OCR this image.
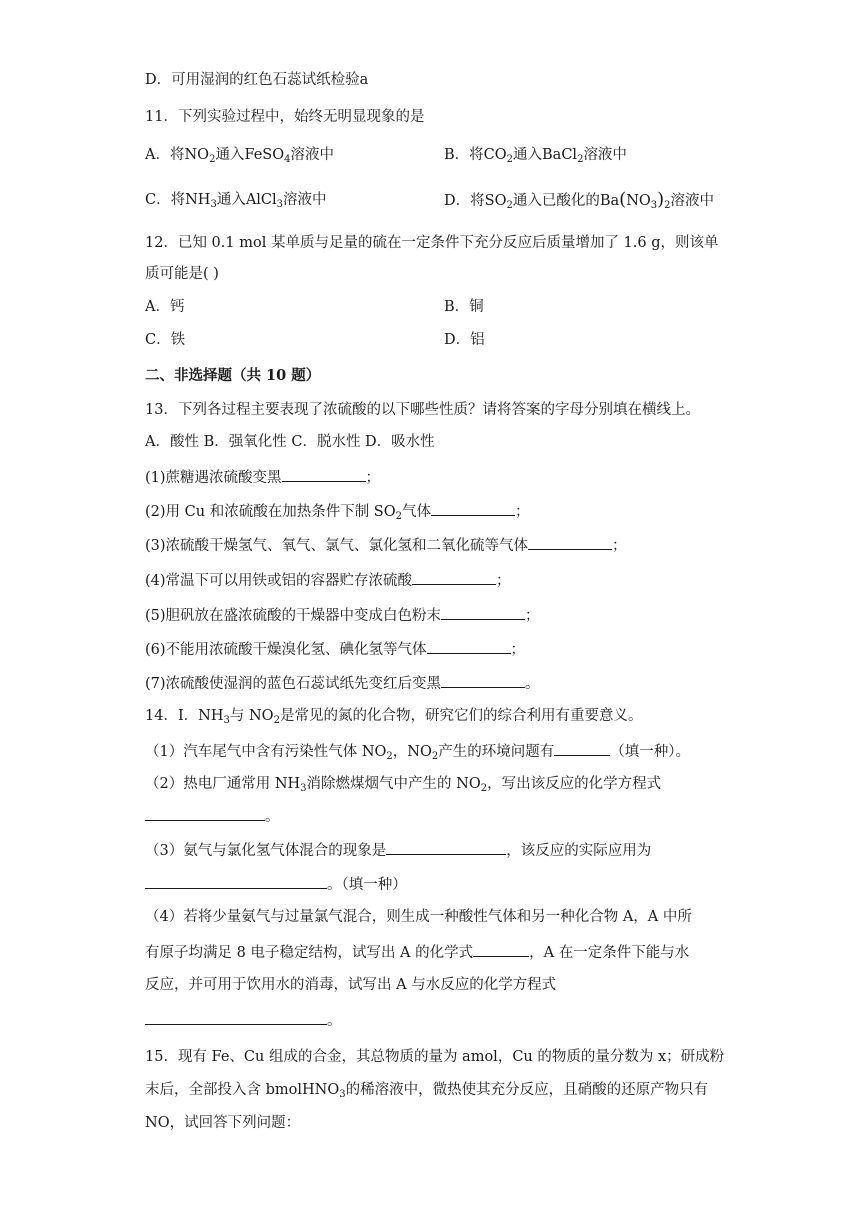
D．可用湿润的红色石蕊试纸检验a
11．下列实验过程中，始终无明显现象的是
A．将$NO_2$通入FeSO$_4$溶液中	B．将$CO_2$通入BaCl$_2$溶液中
C．将$NH_3$通入AlCl$_3$溶液中	D．将$SO_2$通入已酸化的$Ba(NO_3)_2$溶液中
12．已知 0.1 mol 某单质与足量的硫在一定条件下充分反应后质量增加了 1.6 g，则该单
质可能是( )
A．钙	B．铜
C．铁	D．铝
二、非选择题（共 10 题）
13．下列各过程主要表现了浓硫酸的以下哪些性质？请将答案的字母分别填在横线上。
A．酸性 B．强氧化性 C．脱水性 D．吸水性
(1)蔗糖遇浓硫酸变黑	；
(2)用 Cu 和浓硫酸在加热条件下制 $SO_2$气体	；
(3)浓硫酸干燥氢气、氧气、氯气、氯化氢和二氧化硫等气体	；
(4)常温下可以用铁或铝的容器贮存浓硫酸	；
(5)胆矾放在盛浓硫酸的干燥器中变成白色粉末	；
(6)不能用浓硫酸干燥溴化氢、碘化氢等气体	；
(7)浓硫酸使湿润的蓝色石蕊试纸先变红后变黑	。
14．I．$NH_3$与 $NO_2$是常见的氮的化合物，研究它们的综合利用有重要意义。
（1）汽车尾气中含有污染性气体 $NO_2$，$NO_2$产生的环境问题有	（填一种）。
（2）热电厂通常用 $NH_3$消除燃煤烟气中产生的 $NO_2$，写出该反应的化学方程式
。
（3）氨气与氯化氢气体混合的现象是	，该反应的实际应用为
。（填一种）
（4）若将少量氨气与过量氯气混合，则生成一种酸性气体和另一种化合物 A，A 中所
有原子均满足 8 电子稳定结构，试写出 A 的化学式	，A 在一定条件下能与水
反应，并可用于饮用水的消毒，试写出 A 与水反应的化学方程式
。
15．现有 Fe、Cu 组成的合金，其总物质的量为 amol，Cu 的物质的量分数为 x；研成粉
末后，全部投入含 bmolHNO$_3$的稀溶液中，微热使其充分反应，且硝酸的还原产物只有
NO，试回答下列问题：
